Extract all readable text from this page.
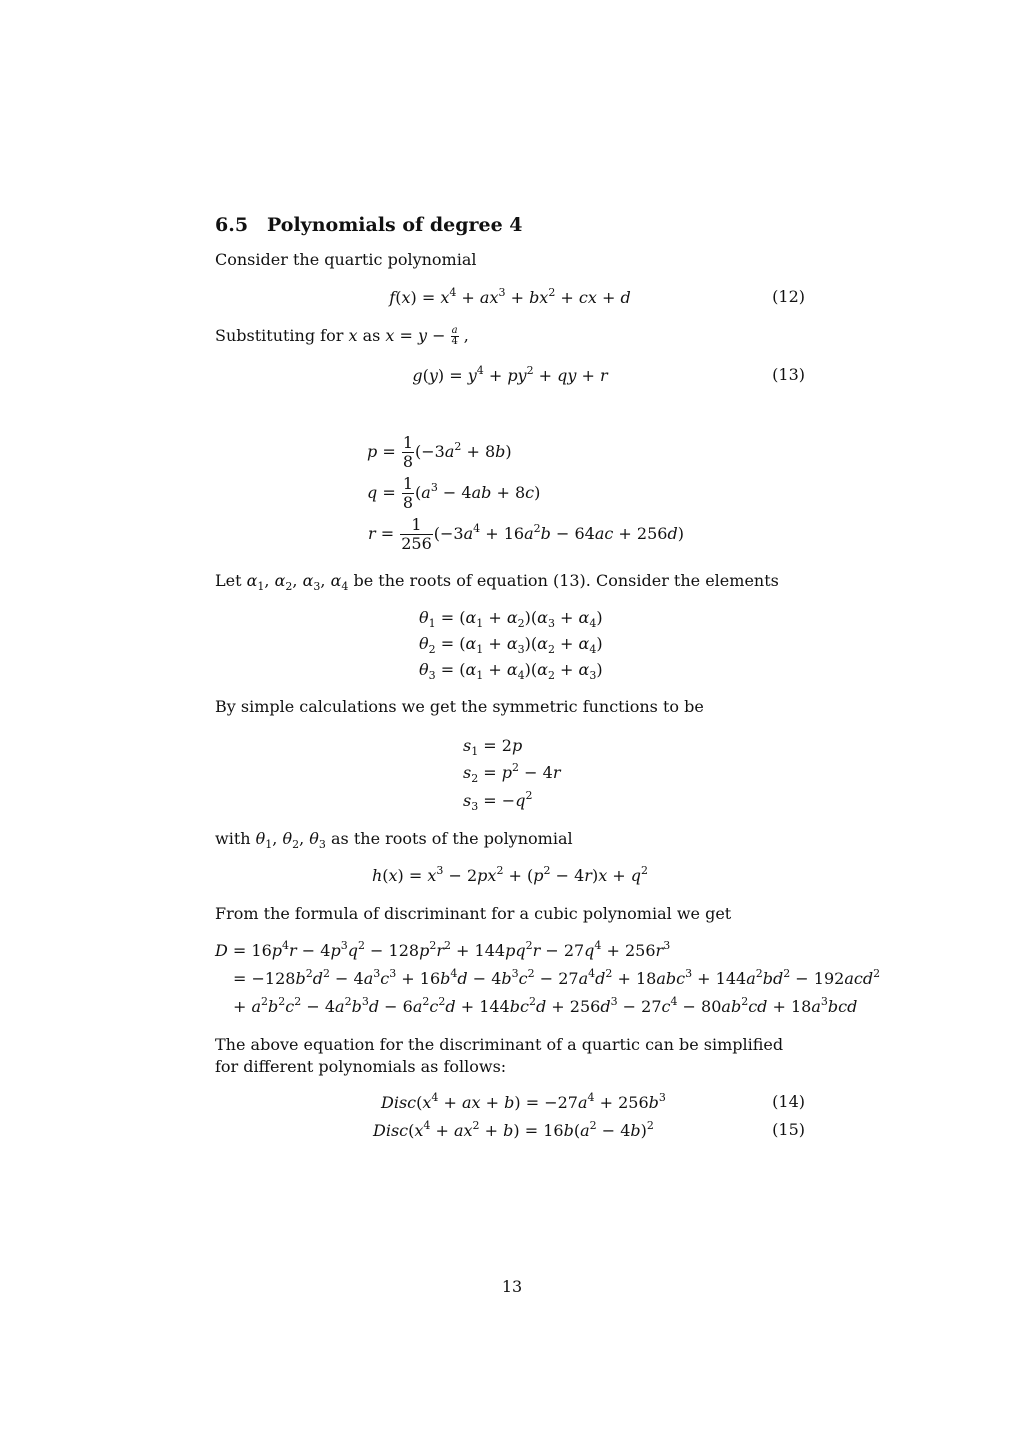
6.5 Polynomials of degree 4
Consider the quartic polynomial
$f(x) = x^4 + ax^3 + bx^2$ + cx + d	(12)
Substituting for x as $x = y - \frac{a}{4}$ ,
$g(y) = y^4 + py^2$ + qy + r	(13)
$p = \frac{1}{8} (-3a^2 + 8b)$
$q = \frac{1}{8} (a^3 - 4ab + 8c)$
$r = \frac{1}{256} (-3a^4 + 16a^2b - 64ac + 256d)$
Let $\alpha_1$, $\alpha_2$, $\alpha_3$, $\alpha_4$ be the roots of equation (13). Consider the elements
$\theta_1 = (\alpha_1 + \alpha_2)(\alpha_3 + \alpha_4)$
$\theta_2 = (\alpha_1 + \alpha_3)(\alpha_2 + \alpha_4)$
$\theta_3 = (\alpha_1 + \alpha_4)(\alpha_2 + \alpha_3)$
By simple calculations we get the symmetric functions to be
$s_1 = 2p$
$s_2 = p^2 - 4r$
$s_3 = -q^2$
with $\theta_1$, $\theta_2$, $\theta_3$ as the roots of the polynomial
$h(x) = x^3 - 2px^2 + (p^2 - 4r)x + q^2$
From the formula of discriminant for a cubic polynomial we get
$D = 16p^4r - 4p^3q^2 - 128p^2r^2 + 144pq^2r - 27q^4 + 256r^3$
= $-128b^2d^2 - 4a^3c^3 + 16b^4d - 4b^3c^2 - 27a^4d^2 + 18abc^3 + 144a^2bd^2 - 192acd^2$
+ $a^2b^2c^2 - 4a^2b^3d - 6a^2c^2d + 144bc^2d + 256d^3 - 27c^4 - 80ab^2cd + 18a^3bcd$
The above equation for the discriminant of a quartic can be simplified for different polynomials as follows:
$Disc(x^4$ + ax + $b) = -27a^4 + 256b^3$	(14)
$Disc(x^4 + ax^2 + b) = 16b(a^2 - 4b)^2$	(15)
13
